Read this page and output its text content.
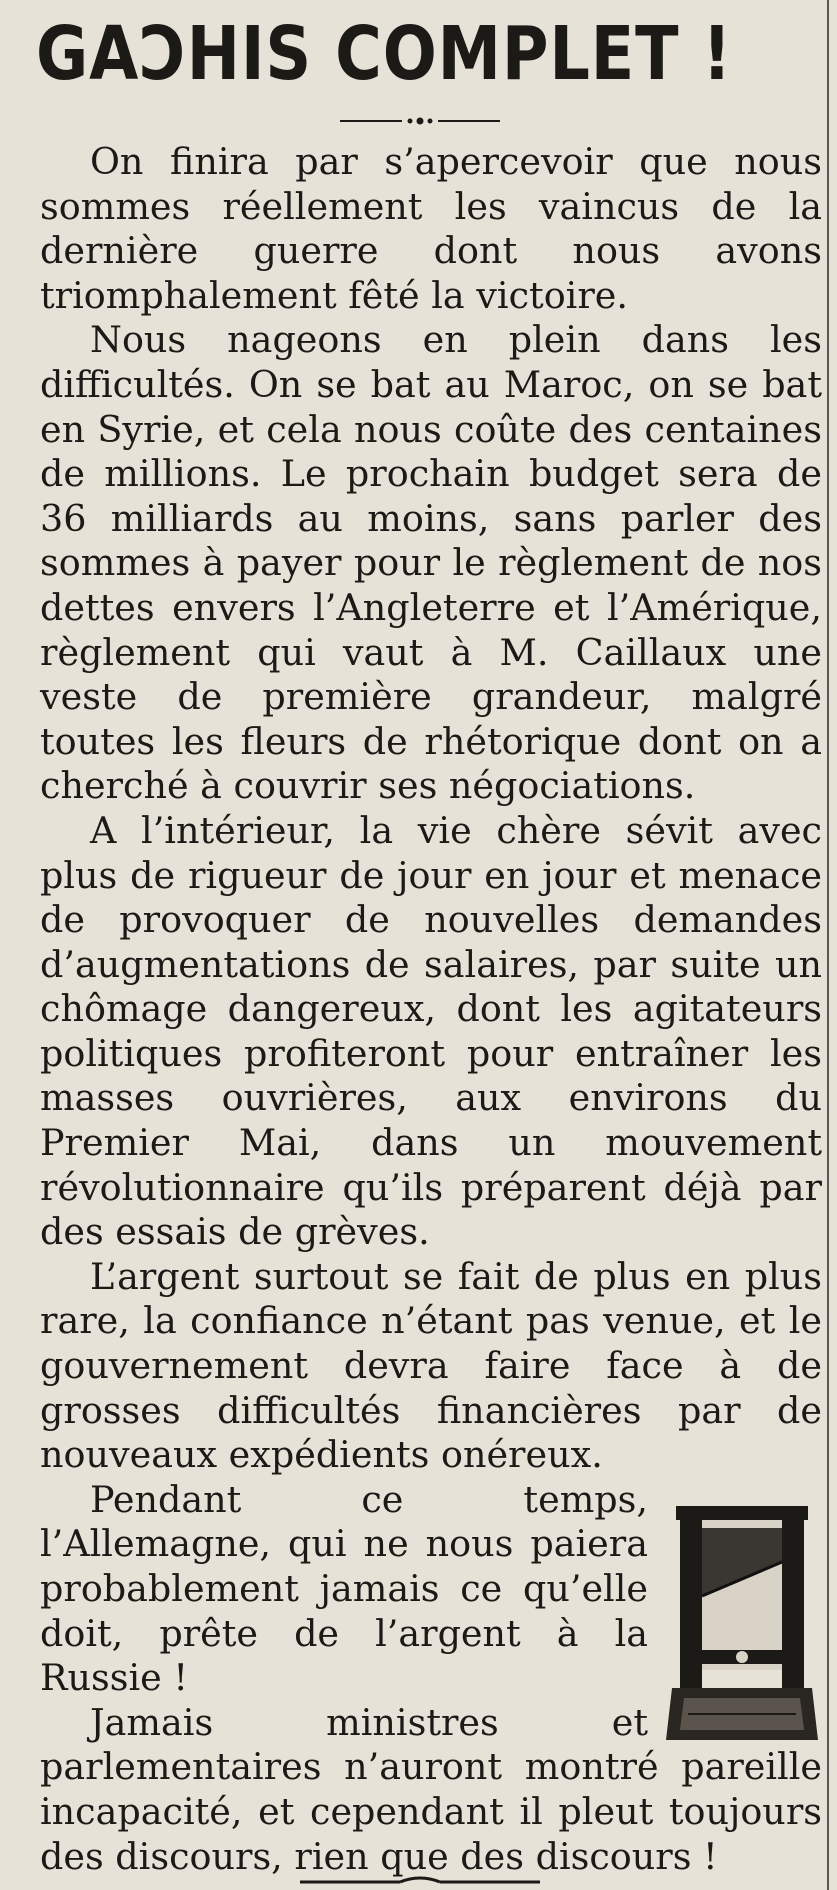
GAƆHIS COMPLET !

On finira par s’apercevoir que nous sommes réellement les vaincus de la dernière guerre dont nous avons triomphalement fêté la victoire.

Nous nageons en plein dans les difficultés. On se bat au Maroc, on se bat en Syrie, et cela nous coûte des centaines de millions. Le prochain budget sera de 36 milliards au moins, sans parler des sommes à payer pour le règlement de nos dettes envers l’Angleterre et l’Amérique, règlement qui vaut à M. Caillaux une veste de première grandeur, malgré toutes les fleurs de rhétorique dont on a cherché à couvrir ses négociations.

A l’intérieur, la vie chère sévit avec plus de rigueur de jour en jour et menace de provoquer de nouvelles demandes d’augmentations de salaires, par suite un chômage dangereux, dont les agitateurs politiques profiteront pour entraîner les masses ouvrières, aux environs du Premier Mai, dans un mouvement révolutionnaire qu’ils préparent déjà par des essais de grèves.

L’argent surtout se fait de plus en plus rare, la confiance n’étant pas venue, et le gouvernement devra faire face à de grosses difficultés financières par de nouveaux expédients onéreux.

Pendant ce temps, l’Allemagne, qui ne nous paiera probablement jamais ce qu’elle doit, prête de l’argent à la Russie !

Jamais ministres et parlementaires n’auront montré pareille incapacité, et cependant il pleut toujours des discours, rien que des discours !
